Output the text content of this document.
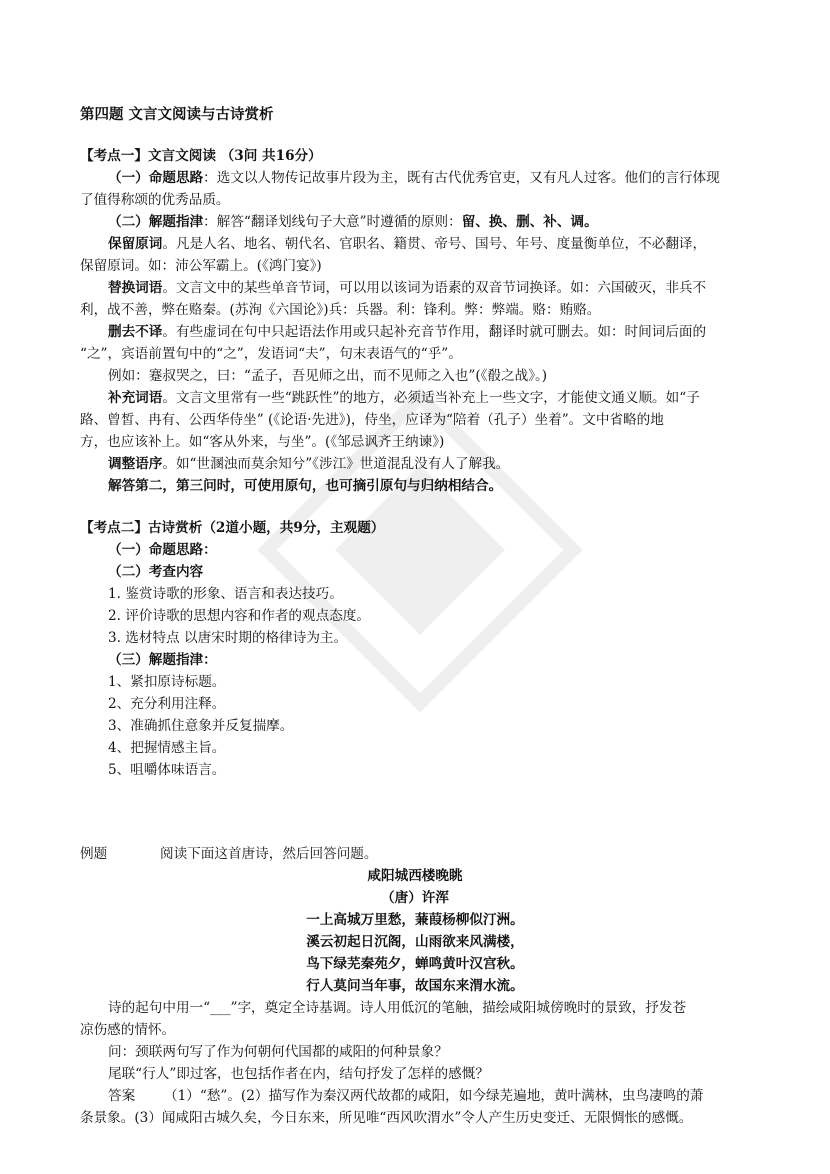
第四题 文言文阅读与古诗赏析
【考点一】文言文阅读 （3问 共16分）
（一）命题思路：选文以人物传记故事片段为主，既有古代优秀官吏，又有凡人过客。他们的言行体现
了值得称颂的优秀品质。
（二）解题指津：解答“翻译划线句子大意”时遵循的原则：留、换、删、补、调。
保留原词。凡是人名、地名、朝代名、官职名、籍贯、帝号、国号、年号、度量衡单位，不必翻译，
保留原词。如：沛公军霸上。(《鸿门宴》)
替换词语。文言文中的某些单音节词，可以用以该词为语素的双音节词换译。如：六国破灭，非兵不
利，战不善，弊在赂秦。(苏洵《六国论》)兵：兵器。利：锋利。弊：弊端。赂：贿赂。
删去不译。有些虚词在句中只起语法作用或只起补充音节作用，翻译时就可删去。如：时间词后面的
“之”，宾语前置句中的“之”，发语词“夫”，句末表语气的“乎”。
例如：蹇叔哭之，曰：“孟子，吾见师之出，而不见师之入也”(《殽之战》。)
补充词语。文言文里常有一些“跳跃性”的地方，必须适当补充上一些文字，才能使文通义顺。如“子
路、曾皙、冉有、公西华侍坐” (《论语·先进》)，侍坐，应译为“陪着（孔子）坐着”。文中省略的地
方，也应该补上。如“客从外来，与坐”。(《邹忌讽齐王纳谏》)
调整语序。如“世溷浊而莫余知兮”《涉江》世道混乱没有人了解我。
解答第二，第三问时，可使用原句，也可摘引原句与归纳相结合。
【考点二】古诗赏析（2道小题，共9分，主观题）
（一）命题思路：
（二）考查内容
1. 鉴赏诗歌的形象、语言和表达技巧。
2. 评价诗歌的思想内容和作者的观点态度。
3. 选材特点 以唐宋时期的格律诗为主。
（三）解题指津：
1、紧扣原诗标题。
2、充分利用注释。
3、准确抓住意象并反复揣摩。
4、把握情感主旨。
5、咀嚼体味语言。
例题	阅读下面这首唐诗，然后回答问题。
咸阳城西楼晚眺
（唐）许浑
一上高城万里愁，蒹葭杨柳似汀洲。
溪云初起日沉阁，山雨欲来风满楼，
鸟下绿芜秦苑夕，蝉鸣黄叶汉宫秋。
行人莫问当年事，故国东来渭水流。
诗的起句中用一“___”字，奠定全诗基调。诗人用低沉的笔触，描绘咸阳城傍晚时的景致，抒发苍
凉伤感的情怀。
问：颈联两句写了作为何朝何代国都的咸阳的何种景象？
尾联“行人”即过客，也包括作者在内，结句抒发了怎样的感慨？
答案 （1）“愁”。(2）描写作为秦汉两代故都的咸阳，如今绿芜遍地，黄叶满林，虫鸟凄鸣的萧
条景象。(3）闻咸阳古城久矣，今日东来，所见唯“西风吹渭水”令人产生历史变迁、无限惆怅的感慨。
